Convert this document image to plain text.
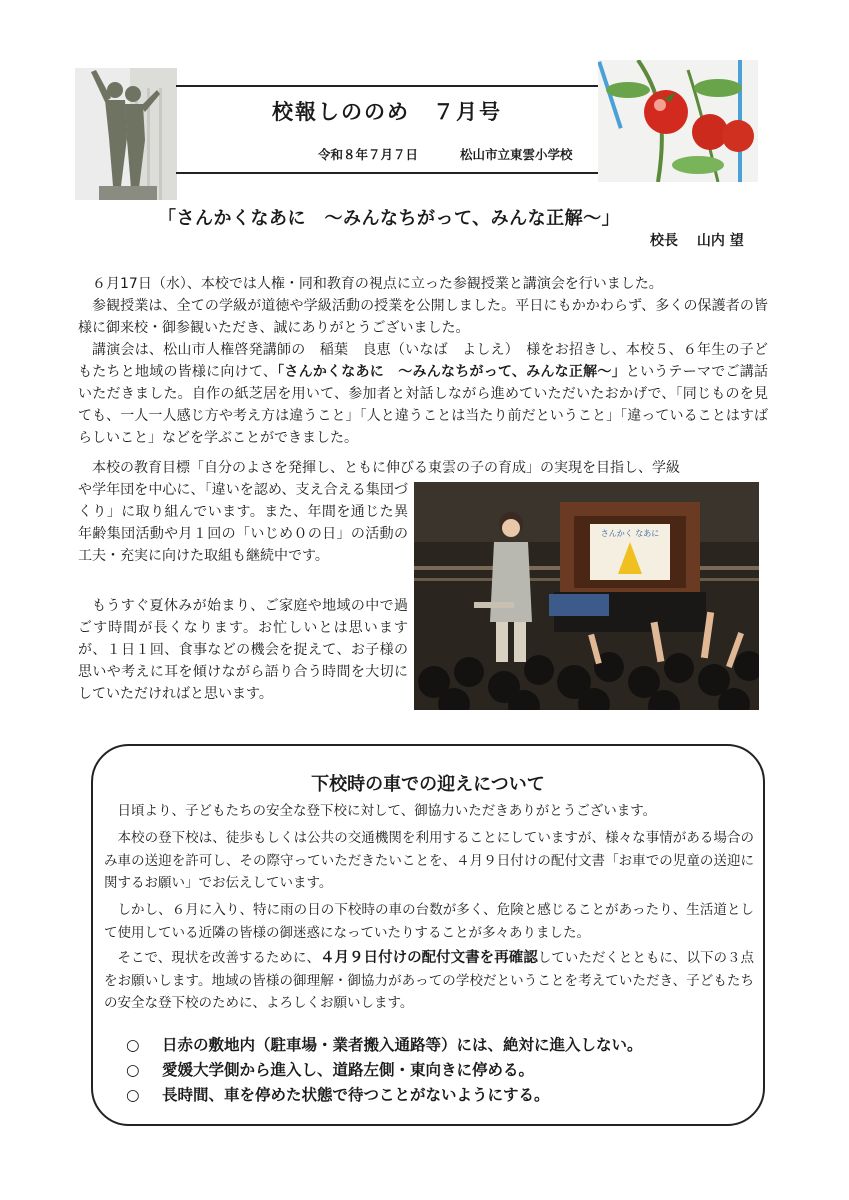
校報しののめ　７月号
令和８年７月７日	松山市立東雲小学校
「さんかくなあに　～みんなちがって、みんな正解～」
校長　 山内 望
６月17日（水）、本校では人権・同和教育の視点に立った参観授業と講演会を行いました。
参観授業は、全ての学級が道徳や学級活動の授業を公開しました。平日にもかかわらず、多くの保護者の皆様に御来校・御参観いただき、誠にありがとうございました。
講演会は、松山市人権啓発講師の　稲葉　良恵（いなば　よしえ）　様をお招きし、本校５、６年生の子どもたちと地域の皆様に向けて、「さんかくなあに　～みんなちがって、みんな正解～」というテーマでご講話いただきました。自作の紙芝居を用いて、参加者と対話しながら進めていただいたおかげで、「同じものを見ても、一人一人感じ方や考え方は違うこと」「人と違うことは当たり前だということ」「違っていることはすばらしいこと」などを学ぶことができました。
本校の教育目標「自分のよさを発揮し、ともに伸びる東雲の子の育成」の実現を目指し、学級
や学年団を中心に、「違いを認め、支え合える集団づくり」に取り組んでいます。また、年間を通じた異年齢集団活動や月１回の「いじめ０の日」の活動の工夫・充実に向けた取組も継続中です。
もうすぐ夏休みが始まり、ご家庭や地域の中で過ごす時間が長くなります。お忙しいとは思いますが、１日１回、食事などの機会を捉えて、お子様の思いや考えに耳を傾けながら語り合う時間を大切にしていただければと思います。
さんかく なあに
下校時の車での迎えについて
日頃より、子どもたちの安全な登下校に対して、御協力いただきありがとうございます。
本校の登下校は、徒歩もしくは公共の交通機関を利用することにしていますが、様々な事情がある場合のみ車の送迎を許可し、その際守っていただきたいことを、４月９日付けの配付文書「お車での児童の送迎に関するお願い」でお伝えしています。
しかし、６月に入り、特に雨の日の下校時の車の台数が多く、危険と感じることがあったり、生活道として使用している近隣の皆様の御迷惑になっていたりすることが多々ありました。
そこで、現状を改善するために、４月９日付けの配付文書を再確認していただくとともに、以下の３点をお願いします。地域の皆様の御理解・御協力があっての学校だということを考えていただき、子どもたちの安全な登下校のために、よろしくお願いします。
○ 日赤の敷地内（駐車場・業者搬入通路等）には、絶対に進入しない。
○ 愛媛大学側から進入し、道路左側・東向きに停める。
○ 長時間、車を停めた状態で待つことがないようにする。
